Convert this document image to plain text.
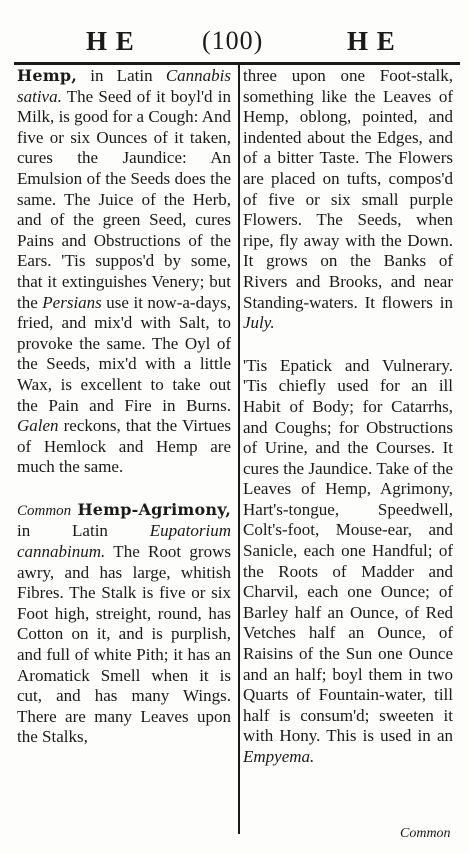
H E	(100)	H E

Hemp, in Latin Cannabis sativa. The Seed of it boyl'd in Milk, is good for a Cough: And five or six Ounces of it taken, cures the Jaundice: An Emulsion of the Seeds does the same. The Juice of the Herb, and of the green Seed, cures Pains and Obstructions of the Ears. 'Tis suppos'd by some, that it extinguishes Venery; but the Persians use it now-a-days, fried, and mix'd with Salt, to provoke the same. The Oyl of the Seeds, mix'd with a little Wax, is excellent to take out the Pain and Fire in Burns. Galen reckons, that the Virtues of Hemlock and Hemp are much the same.

Common Hemp-Agrimony, in Latin Eupatorium cannabinum. The Root grows awry, and has large, whitish Fibres. The Stalk is five or six Foot high, streight, round, has Cotton on it, and is purplish, and full of white Pith; it has an Aromatick Smell when it is cut, and has many Wings. There are many Leaves upon the Stalks,

three upon one Foot-stalk, something like the Leaves of Hemp, oblong, pointed, and indented about the Edges, and of a bitter Taste. The Flowers are placed on tufts, compos'd of five or six small purple Flowers. The Seeds, when ripe, fly away with the Down. It grows on the Banks of Rivers and Brooks, and near Standing-waters. It flowers in July.

'Tis Epatick and Vulnerary. 'Tis chiefly used for an ill Habit of Body; for Catarrhs, and Coughs; for Obstructions of Urine, and the Courses. It cures the Jaundice. Take of the Leaves of Hemp, Agrimony, Hart's-tongue, Speedwell, Colt's-foot, Mouse-ear, and Sanicle, each one Handful; of the Roots of Madder and Charvil, each one Ounce; of Barley half an Ounce, of Red Vetches half an Ounce, of Raisins of the Sun one Ounce and an half; boyl them in two Quarts of Fountain-water, till half is consum'd; sweeten it with Hony. This is used in an Empyema.

Common
